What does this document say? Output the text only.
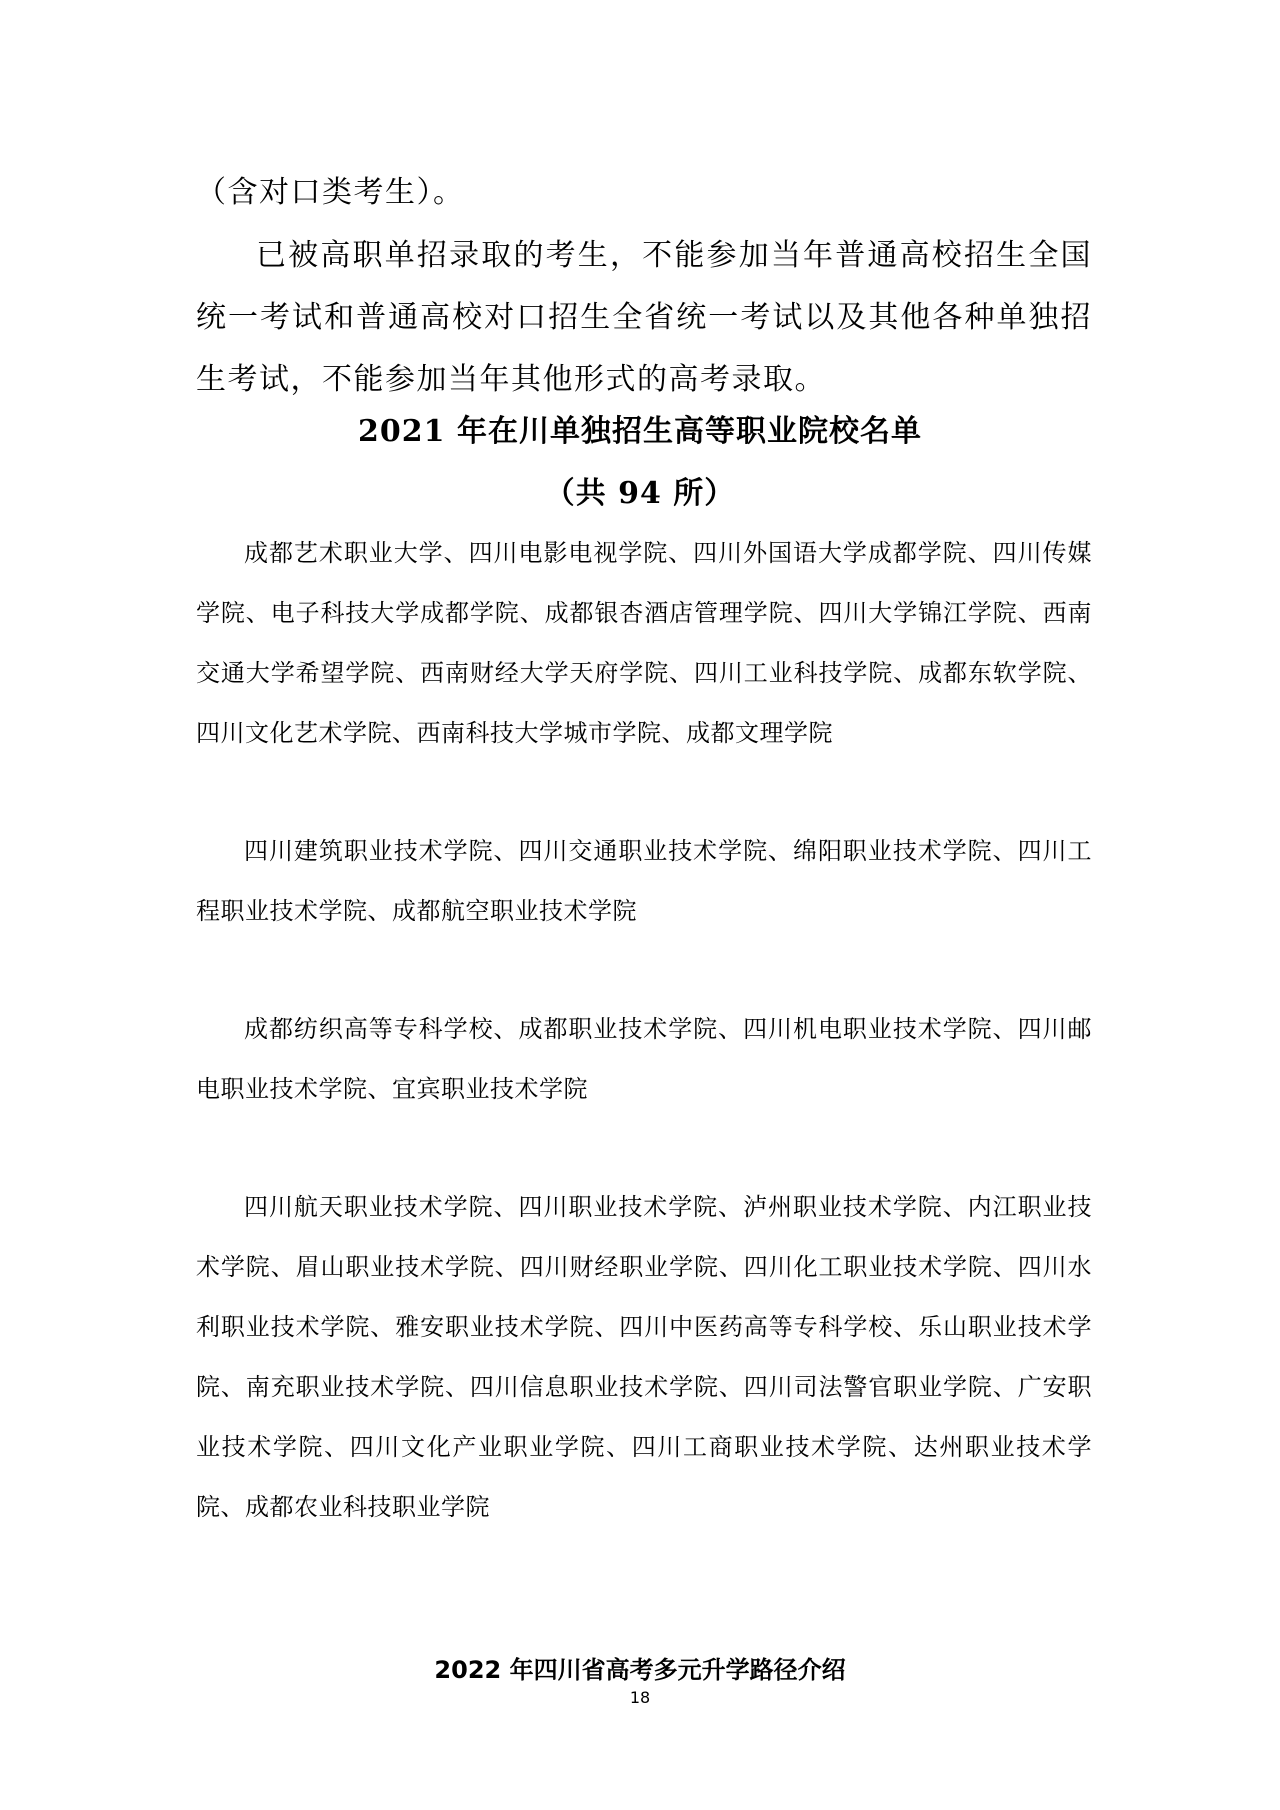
（含对口类考生）。

已被高职单招录取的考生，不能参加当年普通高校招生全国统一考试和普通高校对口招生全省统一考试以及其他各种单独招生考试，不能参加当年其他形式的高考录取。

2021 年在川单独招生高等职业院校名单
（共 94 所）

成都艺术职业大学、四川电影电视学院、四川外国语大学成都学院、四川传媒学院、电子科技大学成都学院、成都银杏酒店管理学院、四川大学锦江学院、西南交通大学希望学院、西南财经大学天府学院、四川工业科技学院、成都东软学院、四川文化艺术学院、西南科技大学城市学院、成都文理学院

四川建筑职业技术学院、四川交通职业技术学院、绵阳职业技术学院、四川工程职业技术学院、成都航空职业技术学院

成都纺织高等专科学校、成都职业技术学院、四川机电职业技术学院、四川邮电职业技术学院、宜宾职业技术学院

四川航天职业技术学院、四川职业技术学院、泸州职业技术学院、内江职业技术学院、眉山职业技术学院、四川财经职业学院、四川化工职业技术学院、四川水利职业技术学院、雅安职业技术学院、四川中医药高等专科学校、乐山职业技术学院、南充职业技术学院、四川信息职业技术学院、四川司法警官职业学院、广安职业技术学院、四川文化产业职业学院、四川工商职业技术学院、达州职业技术学院、成都农业科技职业学院

2022 年四川省高考多元升学路径介绍
18
